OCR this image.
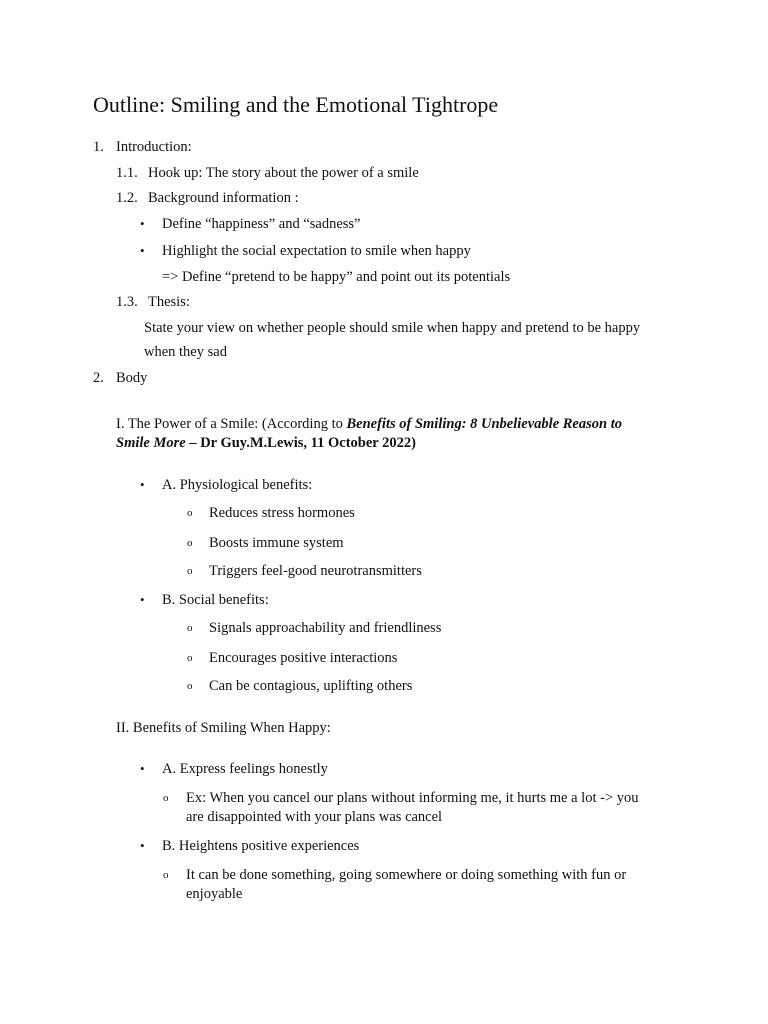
Outline: Smiling and the Emotional Tightrope
1. Introduction:
1.1. Hook up: The story about the power of a smile
1.2. Background information :
• Define “happiness” and “sadness”
• Highlight the social expectation to smile when happy
=> Define “pretend to be happy” and point out its potentials
1.3. Thesis:
State your view on whether people should smile when happy and pretend to be happy
when they sad
2. Body
I. The Power of a Smile: (According to Benefits of Smiling: 8 Unbelievable Reason to
Smile More – Dr Guy.M.Lewis, 11 October 2022)
• A. Physiological benefits:
o Reduces stress hormones
o Boosts immune system
o Triggers feel-good neurotransmitters
• B. Social benefits:
o Signals approachability and friendliness
o Encourages positive interactions
o Can be contagious, uplifting others
II. Benefits of Smiling When Happy:
• A. Express feelings honestly
o Ex: When you cancel our plans without informing me, it hurts me a lot -> you
are disappointed with your plans was cancel
• B. Heightens positive experiences
o It can be done something, going somewhere or doing something with fun or
enjoyable
